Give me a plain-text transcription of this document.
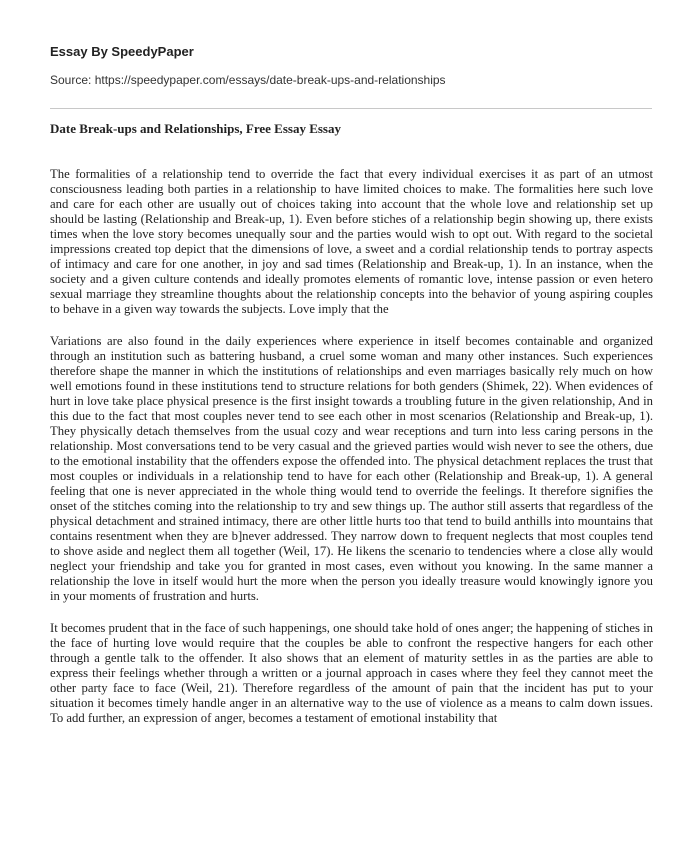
Essay By SpeedyPaper

Source: https://speedypaper.com/essays/date-break-ups-and-relationships

Date Break-ups and Relationships, Free Essay Essay

The formalities of a relationship tend to override the fact that every individual exercises it as part of an utmost consciousness leading both parties in a relationship to have limited choices to make. The formalities here such love and care for each other are usually out of choices taking into account that the whole love and relationship set up should be lasting (Relationship and Break-up, 1). Even before stiches of a relationship begin showing up, there exists times when the love story becomes unequally sour and the parties would wish to opt out. With regard to the societal impressions created top depict that the dimensions of love, a sweet and a cordial relationship tends to portray aspects of intimacy and care for one another, in joy and sad times (Relationship and Break-up, 1). In an instance, when the society and a given culture contends and ideally promotes elements of romantic love, intense passion or even hetero sexual marriage they streamline thoughts about the relationship concepts into the behavior of young aspiring couples to behave in a given way towards the subjects. Love imply that the

Variations are also found in the daily experiences where experience in itself becomes containable and organized through an institution such as battering husband, a cruel some woman and many other instances. Such experiences therefore shape the manner in which the institutions of relationships and even marriages basically rely much on how well emotions found in these institutions tend to structure relations for both genders (Shimek, 22). When evidences of hurt in love take place physical presence is the first insight towards a troubling future in the given relationship, And in this due to the fact that most couples never tend to see each other in most scenarios (Relationship and Break-up, 1). They physically detach themselves from the usual cozy and wear receptions and turn into less caring persons in the relationship. Most conversations tend to be very casual and the grieved parties would wish never to see the others, due to the emotional instability that the offenders expose the offended into. The physical detachment replaces the trust that most couples or individuals in a relationship tend to have for each other (Relationship and Break-up, 1). A general feeling that one is never appreciated in the whole thing would tend to override the feelings. It therefore signifies the onset of the stitches coming into the relationship to try and sew things up. The author still asserts that regardless of the physical detachment and strained intimacy, there are other little hurts too that tend to build anthills into mountains that contains resentment when they are b]never addressed. They narrow down to frequent neglects that most couples tend to shove aside and neglect them all together (Weil, 17). He likens the scenario to tendencies where a close ally would neglect your friendship and take you for granted in most cases, even without you knowing. In the same manner a relationship the love in itself would hurt the more when the person you ideally treasure would knowingly ignore you in your moments of frustration and hurts.

It becomes prudent that in the face of such happenings, one should take hold of ones anger; the happening of stiches in the face of hurting love would require that the couples be able to confront the respective hangers for each other through a gentle talk to the offender. It also shows that an element of maturity settles in as the parties are able to express their feelings whether through a written or a journal approach in cases where they feel they cannot meet the other party face to face (Weil, 21). Therefore regardless of the amount of pain that the incident has put to your situation it becomes timely handle anger in an alternative way to the use of violence as a means to calm down issues. To add further, an expression of anger, becomes a testament of emotional instability that
